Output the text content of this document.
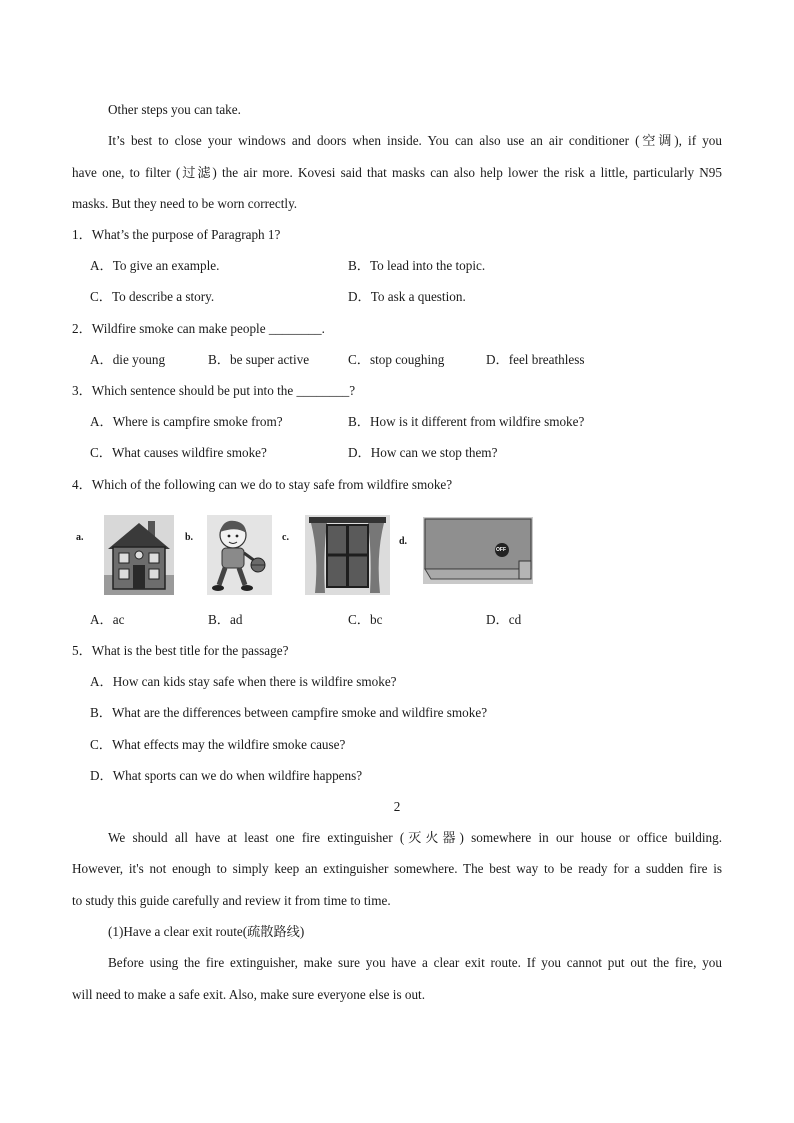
Other steps you can take.
It’s best to close your windows and doors when inside. You can also use an air conditioner (空调), if you
have one, to filter (过滤) the air more. Kovesi said that masks can also help lower the risk a little, particularly N95
masks. But they need to be worn correctly.
1．What’s the purpose of Paragraph 1?
A．To give an example.	B．To lead into the topic.
C．To describe a story.	D．To ask a question.
2．Wildfire smoke can make people ________.
A．die young	B．be super active	C．stop coughing	D．feel breathless
3．Which sentence should be put into the ________?
A．Where is campfire smoke from?	B．How is it different from wildfire smoke?
C．What causes wildfire smoke?	D．How can we stop them?
4．Which of the following can we do to stay safe from wildfire smoke?
a.	b.	c.	d.
OFF
A．ac	B．ad	C．bc	D．cd
5．What is the best title for the passage?
A．How can kids stay safe when there is wildfire smoke?
B．What are the differences between campfire smoke and wildfire smoke?
C．What effects may the wildfire smoke cause?
D．What sports can we do when wildfire happens?
2
We should all have at least one fire extinguisher (灭火器) somewhere in our house or office building.
However, it's not enough to simply keep an extinguisher somewhere. The best way to be ready for a sudden fire is
to study this guide carefully and review it from time to time.
(1)Have a clear exit route(疏散路线)
Before using the fire extinguisher, make sure you have a clear exit route. If you cannot put out the fire, you
will need to make a safe exit. Also, make sure everyone else is out.
